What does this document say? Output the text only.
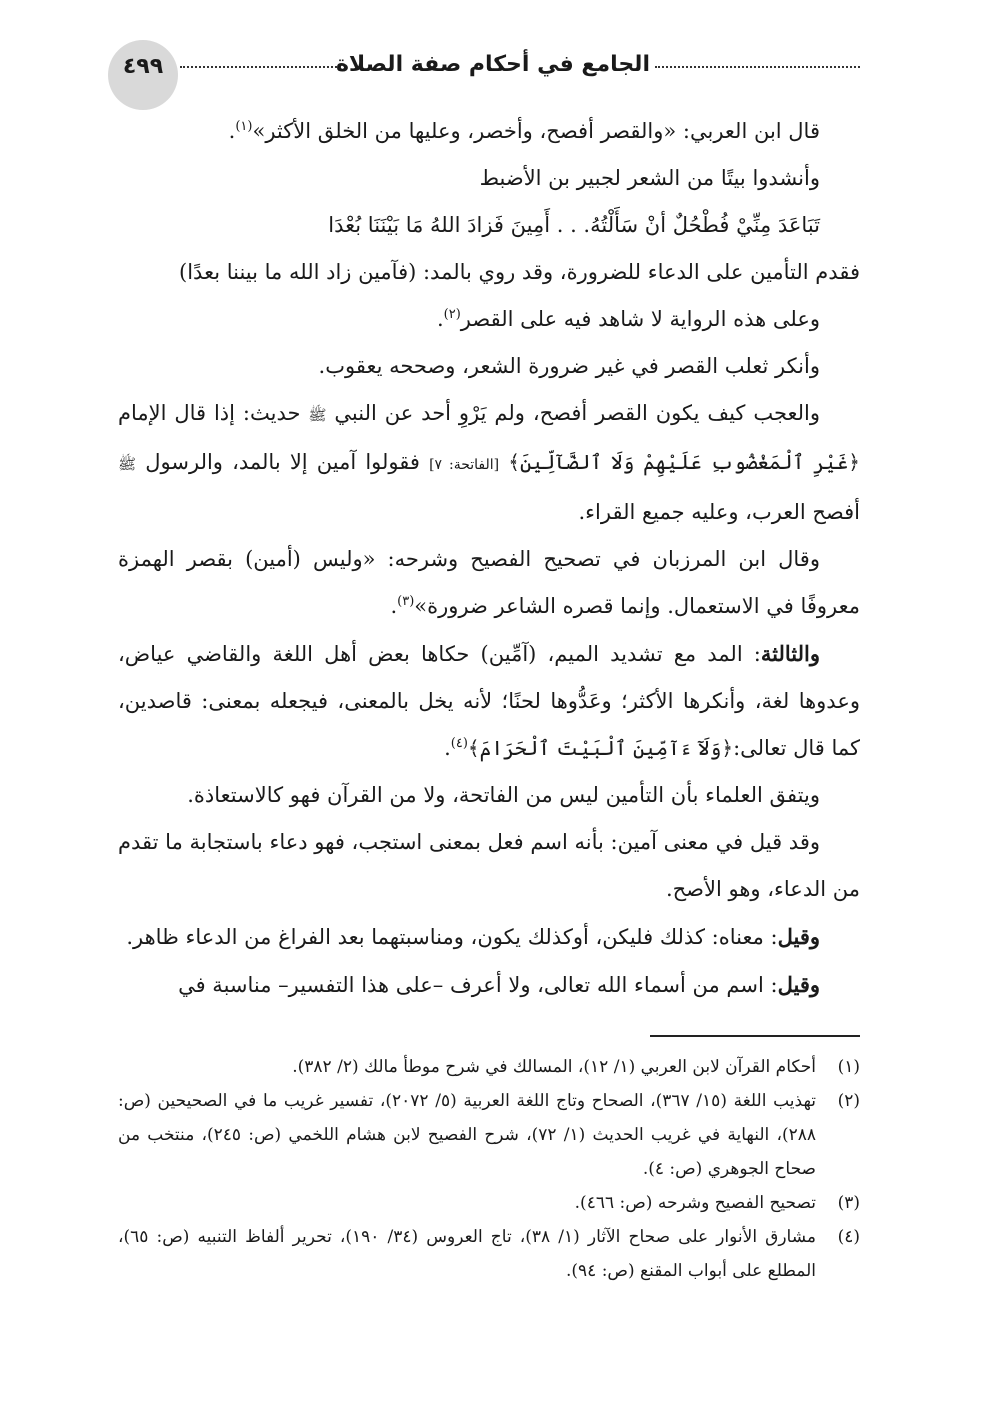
٤٩٩	الجامع في أحكام صفة الصلاة

قال ابن العربي: «والقصر أفصح، وأخصر، وعليها من الخلق الأكثر»$^{(١)}$.

وأنشدوا بيتًا من الشعر لجبير بن الأضبط

تَبَاعَدَ مِنِّيْ فُطْحُلٌ أنْ سَأَلْتُهُ. . . أَمِينَ فَزادَ اللهُ مَا بَيْنَنَا بُعْدَا

فقدم التأمين على الدعاء للضرورة، وقد روي بالمد: (فآمين زاد الله ما بيننا بعدًا)

وعلى هذه الرواية لا شاهد فيه على القصر$^{(٢)}$.

وأنكر ثعلب القصر في غير ضرورة الشعر، وصححه يعقوب.

والعجب كيف يكون القصر أفصح، ولم يَرْوِ أحد عن النبي ﷺ حديث: إذا قال الإمام ﴿غَيْرِ ٱلْمَغْضُوبِ عَلَيْهِمْ وَلَا ٱلضَّآلِّينَ﴾ [الفاتحة: ٧] فقولوا آمين إلا بالمد، والرسول ﷺ أفصح العرب، وعليه جميع القراء.

وقال ابن المرزبان في تصحيح الفصيح وشرحه: «وليس (أمين) بقصر الهمزة معروفًا في الاستعمال. وإنما قصره الشاعر ضرورة»$^{(٣)}$.

والثالثة: المد مع تشديد الميم، (آمِّين) حكاها بعض أهل اللغة والقاضي عياض، وعدوها لغة، وأنكرها الأكثر؛ وعَدُّوها لحنًا؛ لأنه يخل بالمعنى، فيجعله بمعنى: قاصدين، كما قال تعالى:﴿وَلَآ ءَآمِّينَ ٱلْبَيْتَ ٱلْحَرَامَ﴾$^{(٤)}$.

ويتفق العلماء بأن التأمين ليس من الفاتحة، ولا من القرآن فهو كالاستعاذة.

وقد قيل في معنى آمين: بأنه اسم فعل بمعنى استجب، فهو دعاء باستجابة ما تقدم من الدعاء، وهو الأصح.

وقيل: معناه: كذلك فليكن، أوكذلك يكون، ومناسبتهما بعد الفراغ من الدعاء ظاهر.

وقيل: اسم من أسماء الله تعالى، ولا أعرف –على هذا التفسير– مناسبة في

(١)
أحكام القرآن لابن العربي (١/ ١٢)، المسالك في شرح موطأ مالك (٢/ ٣٨٢).

(٢)
تهذيب اللغة (١٥/ ٣٦٧)، الصحاح وتاج اللغة العربية (٥/ ٢٠٧٢)، تفسير غريب ما في الصحيحين (ص: ٢٨٨)، النهاية في غريب الحديث (١/ ٧٢)، شرح الفصيح لابن هشام اللخمي (ص: ٢٤٥)، منتخب من صحاح الجوهري (ص: ٤).

(٣)
تصحيح الفصيح وشرحه (ص: ٤٦٦).

(٤)
مشارق الأنوار على صحاح الآثار (١/ ٣٨)، تاج العروس (٣٤/ ١٩٠)، تحرير ألفاظ التنبيه (ص: ٦٥)، المطلع على أبواب المقنع (ص: ٩٤).
